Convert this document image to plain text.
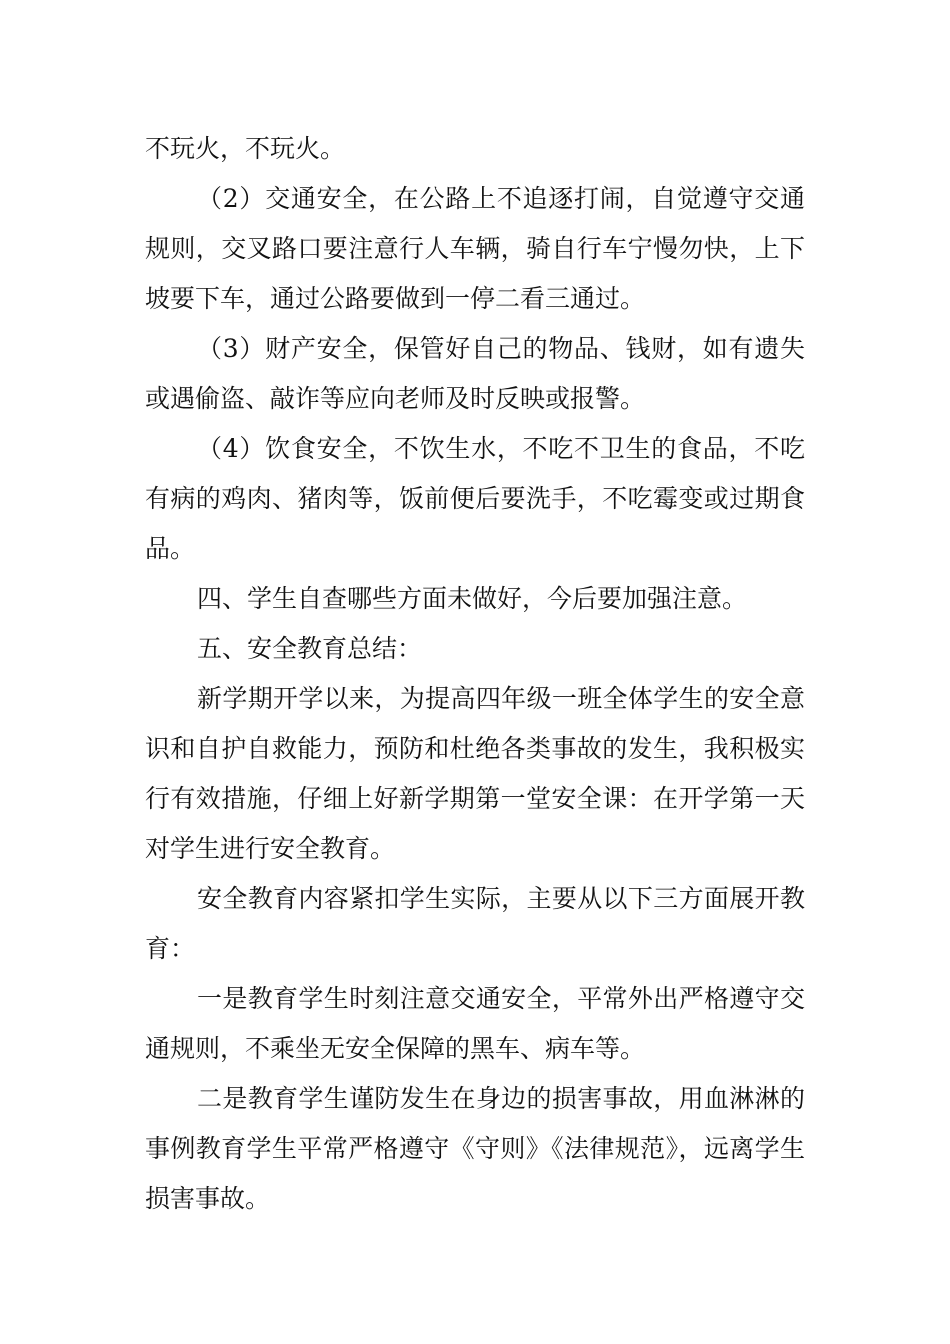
不玩火，不玩火。

（2）交通安全，在公路上不追逐打闹，自觉遵守交通规则，交叉路口要注意行人车辆，骑自行车宁慢勿快，上下坡要下车，通过公路要做到一停二看三通过。

（3）财产安全，保管好自己的物品、钱财，如有遗失或遇偷盗、敲诈等应向老师及时反映或报警。

（4）饮食安全，不饮生水，不吃不卫生的食品，不吃有病的鸡肉、猪肉等，饭前便后要洗手，不吃霉变或过期食品。

四、学生自查哪些方面未做好，今后要加强注意。

五、安全教育总结：

新学期开学以来，为提高四年级一班全体学生的安全意识和自护自救能力，预防和杜绝各类事故的发生，我积极实行有效措施，仔细上好新学期第一堂安全课：在开学第一天对学生进行安全教育。

安全教育内容紧扣学生实际，主要从以下三方面展开教育：

一是教育学生时刻注意交通安全，平常外出严格遵守交通规则，不乘坐无安全保障的黑车、病车等。

二是教育学生谨防发生在身边的损害事故，用血淋淋的事例教育学生平常严格遵守《守则》《法律规范》，远离学生损害事故。
